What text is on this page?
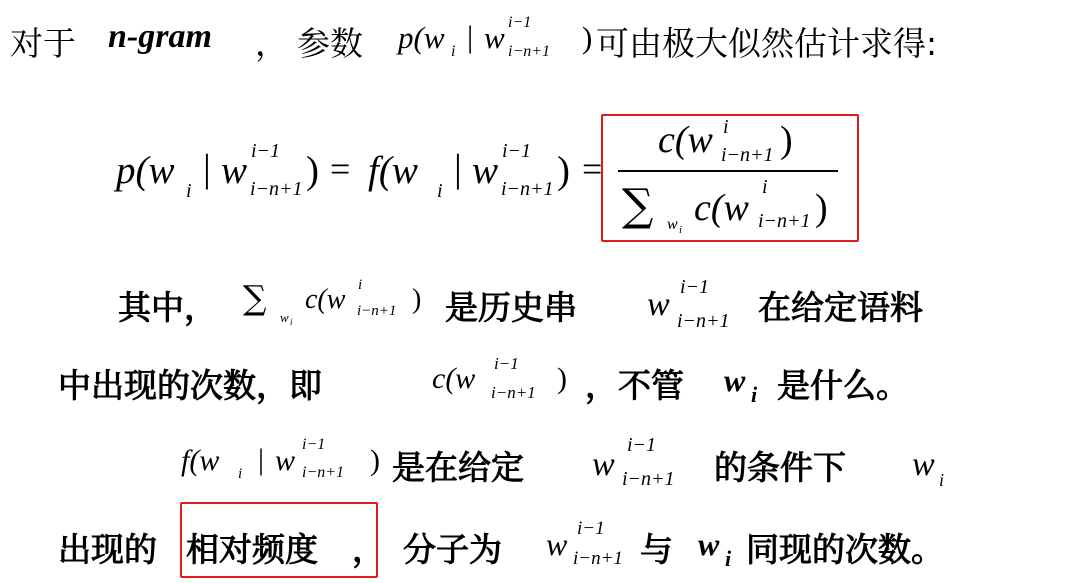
对于 n-gram ， 参数 p(w i | w i−1
i−n+1 ) 可由极大似然估计求得:
p(w i
| w i−1
i−n+1 ) = f(w i
| w i−1
i−n+1 ) =
c(w i
i−n+1 )
∑ w i
c(w i
i−n+1 )
其中， ∑
w i
c(w i
i−n+1 ) 是历史串 w i−1
i−n+1 在给定语料
中出现的次数，即	c(w i−1
i−n+1 ) ，不管 w i 是什么。
f(w i | w i−1
i−n+1 ) 是在给定 w
i−1
i−n+1 的条件下 w i
出现的 相对频度 ， 分子为 w i−1
i−n+1 与 w i 同现的次数。
